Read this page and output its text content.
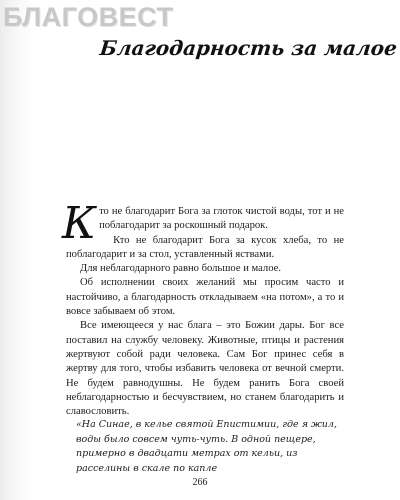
БЛАГОВЕСТ
Благодарность за малое

Кто не благодарит Бога за глоток чистой воды, тот и не поблагодарит за роскошный подарок.

Кто не благодарит Бога за кусок хлеба, то не поблагодарит и за стол, уставленный яствами.

Для неблагодарного равно большое и малое.

Об исполнении своих желаний мы просим часто и настойчиво, а благодарность откладываем «на потом», а то и вовсе забываем об этом.

Все имеющееся у нас блага – это Божии дары. Бог все поставил на службу человеку. Животные, птицы и растения жертвуют собой ради человека. Сам Бог принес себя в жертву для того, чтобы избавить человека от вечной смерти. Не будем равнодушны. Не будем ранить Бога своей неблагодарностью и бесчувствием, но станем благодарить и славословить.

«На Синае, в келье святой Епистимии, где я жил, воды было совсем чуть-чуть. В одной пещере, примерно в двадцати метрах от кельи, из расселины в скале по капле

266
